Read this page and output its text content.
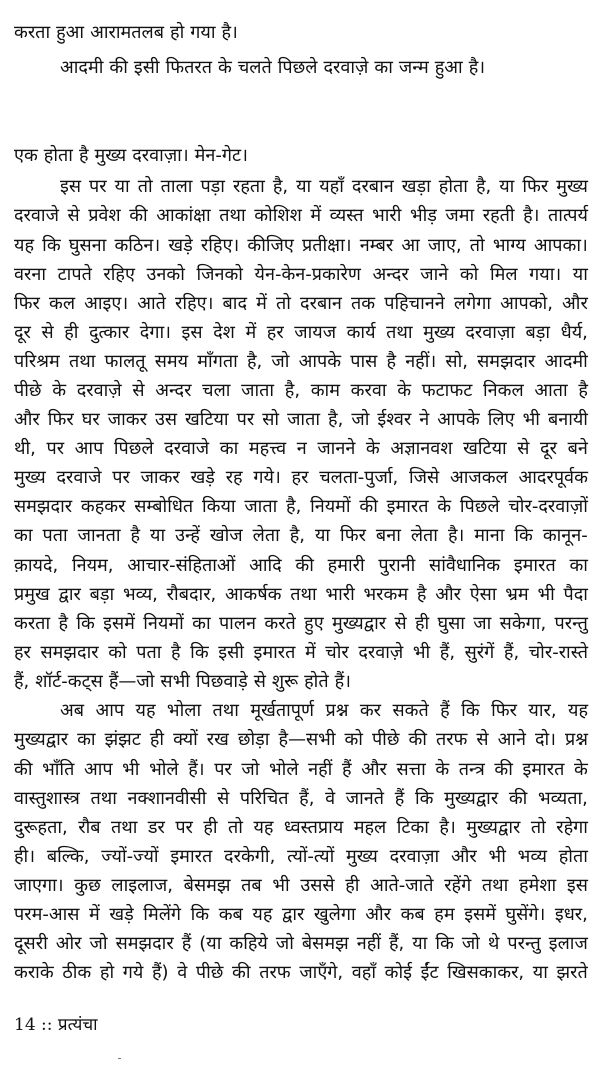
14 :: प्रत्यंचा

करता हुआ आरामतलब हो गया है।

आदमी की इसी फितरत के चलते पिछले दरवाज़े का जन्म हुआ है।

एक होता है मुख्य दरवाज़ा। मेन-गेट।

इस पर या तो ताला पड़ा रहता है, या यहाँ दरबान खड़ा होता है, या फिर मुख्य

दरवाजे से प्रवेश की आकांक्षा तथा कोशिश में व्यस्त भारी भीड़ जमा रहती है। तात्पर्य

यह कि घुसना कठिन। खड़े रहिए। कीजिए प्रतीक्षा। नम्बर आ जाए, तो भाग्य आपका।

वरना टापते रहिए उनको जिनको येन-केन-प्रकारेण अन्दर जाने को मिल गया। या

फिर कल आइए। आते रहिए। बाद में तो दरबान तक पहिचानने लगेगा आपको, और

दूर से ही दुत्कार देगा। इस देश में हर जायज कार्य तथा मुख्य दरवाज़ा बड़ा धैर्य,

परिश्रम तथा फालतू समय माँगता है, जो आपके पास है नहीं। सो, समझदार आदमी

पीछे के दरवाज़े से अन्दर चला जाता है, काम करवा के फटाफट निकल आता है

और फिर घर जाकर उस खटिया पर सो जाता है, जो ईश्वर ने आपके लिए भी बनायी

थी, पर आप पिछले दरवाजे का महत्त्व न जानने के अज्ञानवश खटिया से दूर बने

मुख्य दरवाजे पर जाकर खड़े रह गये। हर चलता-पुर्जा, जिसे आजकल आदरपूर्वक

समझदार कहकर सम्बोधित किया जाता है, नियमों की इमारत के पिछले चोर-दरवाज़ों

का पता जानता है या उन्हें खोज लेता है, या फिर बना लेता है। माना कि कानून-

क़ायदे, नियम, आचार-संहिताओं आदि की हमारी पुरानी सांवैधानिक इमारत का

प्रमुख द्वार बड़ा भव्य, रौबदार, आकर्षक तथा भारी भरकम है और ऐसा भ्रम भी पैदा

करता है कि इसमें नियमों का पालन करते हुए मुख्यद्वार से ही घुसा जा सकेगा, परन्तु

हर समझदार को पता है कि इसी इमारत में चोर दरवाज़े भी हैं, सुरंगें हैं, चोर-रास्ते

हैं, शॉर्ट-कट्स हैं—जो सभी पिछवाड़े से शुरू होते हैं।

अब आप यह भोला तथा मूर्खतापूर्ण प्रश्न कर सकते हैं कि फिर यार, यह

मुख्यद्वार का झंझट ही क्यों रख छोड़ा है—सभी को पीछे की तरफ से आने दो। प्रश्न

की भाँति आप भी भोले हैं। पर जो भोले नहीं हैं और सत्ता के तन्त्र की इमारत के

वास्तुशास्त्र तथा नक्शानवीसी से परिचित हैं, वे जानते हैं कि मुख्यद्वार की भव्यता,

दुरूहता, रौब तथा डर पर ही तो यह ध्वस्तप्राय महल टिका है। मुख्यद्वार तो रहेगा

ही। बल्कि, ज्यों-ज्यों इमारत दरकेगी, त्यों-त्यों मुख्य दरवाज़ा और भी भव्य होता

जाएगा। कुछ लाइलाज, बेसमझ तब भी उससे ही आते-जाते रहेंगे तथा हमेशा इस

परम-आस में खड़े मिलेंगे कि कब यह द्वार खुलेगा और कब हम इसमें घुसेंगे। इधर,

दूसरी ओर जो समझदार हैं (या कहिये जो बेसमझ नहीं हैं, या कि जो थे परन्तु इलाज

कराके ठीक हो गये हैं) वे पीछे की तरफ जाएँगे, वहाँ कोई ईंट खिसकाकर, या झरते
